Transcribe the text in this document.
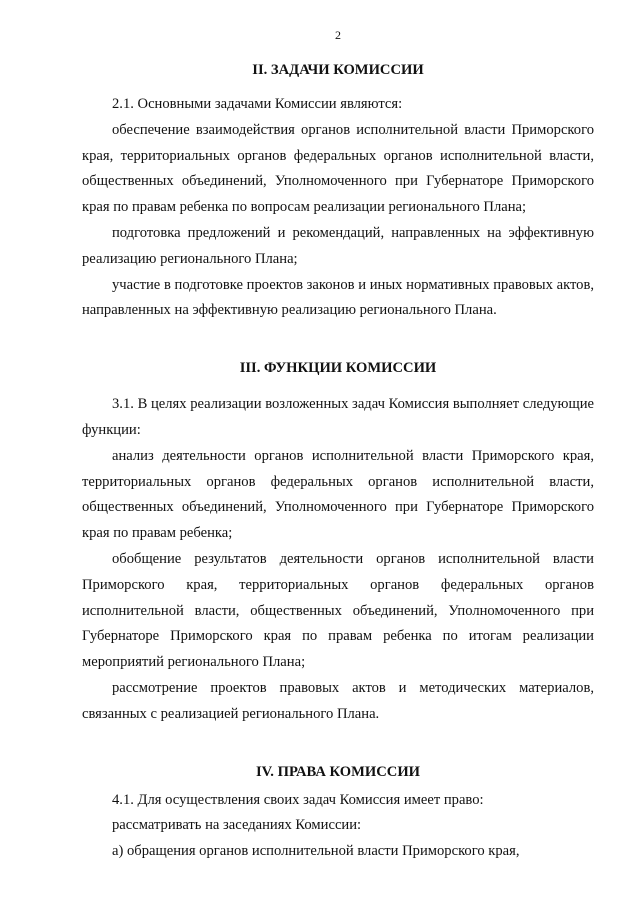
2
II. ЗАДАЧИ КОМИССИИ

2.1. Основными задачами Комиссии являются:

обеспечение взаимодействия органов исполнительной власти Приморского края, территориальных органов федеральных органов исполнительной власти, общественных объединений, Уполномоченного при Губернаторе Приморского края по правам ребенка по вопросам реализации регионального Плана;

подготовка предложений и рекомендаций, направленных на эффективную реализацию регионального Плана;

участие в подготовке проектов законов и иных нормативных правовых актов, направленных на эффективную реализацию регионального Плана.

III. ФУНКЦИИ КОМИССИИ

3.1. В целях реализации возложенных задач Комиссия выполняет следующие функции:

анализ деятельности органов исполнительной власти Приморского края, территориальных органов федеральных органов исполнительной власти, общественных объединений, Уполномоченного при Губернаторе Приморского края по правам ребенка;

обобщение результатов деятельности органов исполнительной власти Приморского края, территориальных органов федеральных органов исполнительной власти, общественных объединений, Уполномоченного при Губернаторе Приморского края по правам ребенка по итогам реализации мероприятий регионального Плана;

рассмотрение проектов правовых актов и методических материалов, связанных с реализацией регионального Плана.

IV. ПРАВА КОМИССИИ

4.1. Для осуществления своих задач Комиссия имеет право:

рассматривать на заседаниях Комиссии:

а) обращения органов исполнительной власти Приморского края,
